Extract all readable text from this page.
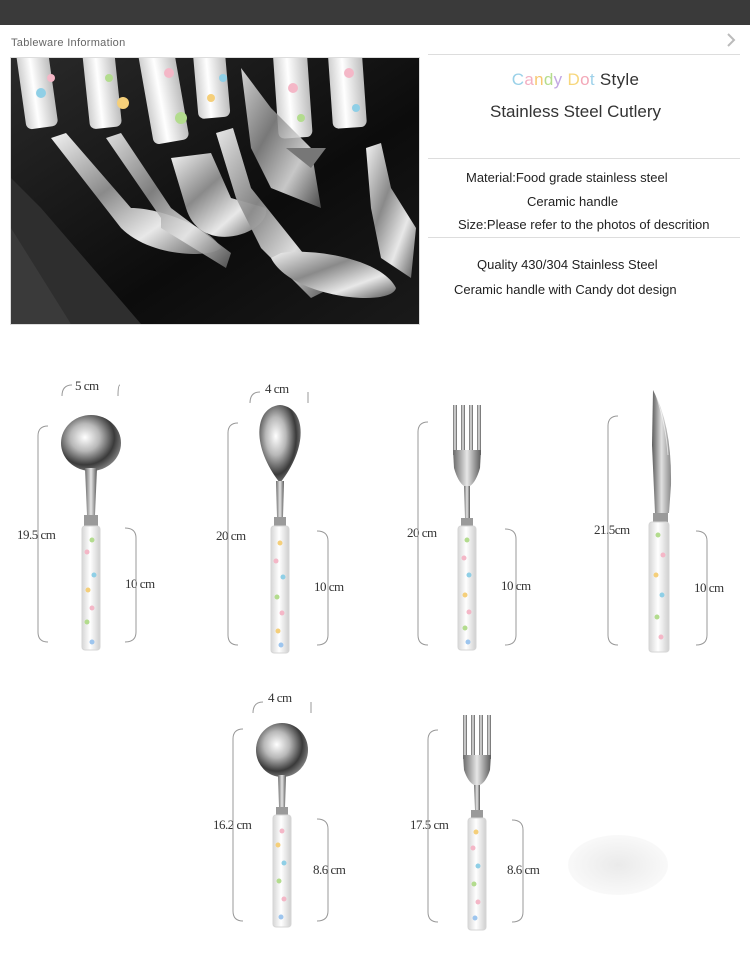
Tableware Information
Candy Dot Style
Stainless Steel Cutlery
Material:Food grade stainless steel
Ceramic handle
Size:Please refer to the photos of descrition
Quality 430/304 Stainless Steel
Ceramic handle with Candy dot design
5 cm
19.5 cm
10 cm
4 cm
20 cm
10 cm
20 cm
10 cm
21.5cm
10 cm
4 cm
16.2 cm
8.6 cm
17.5 cm
8.6 cm
